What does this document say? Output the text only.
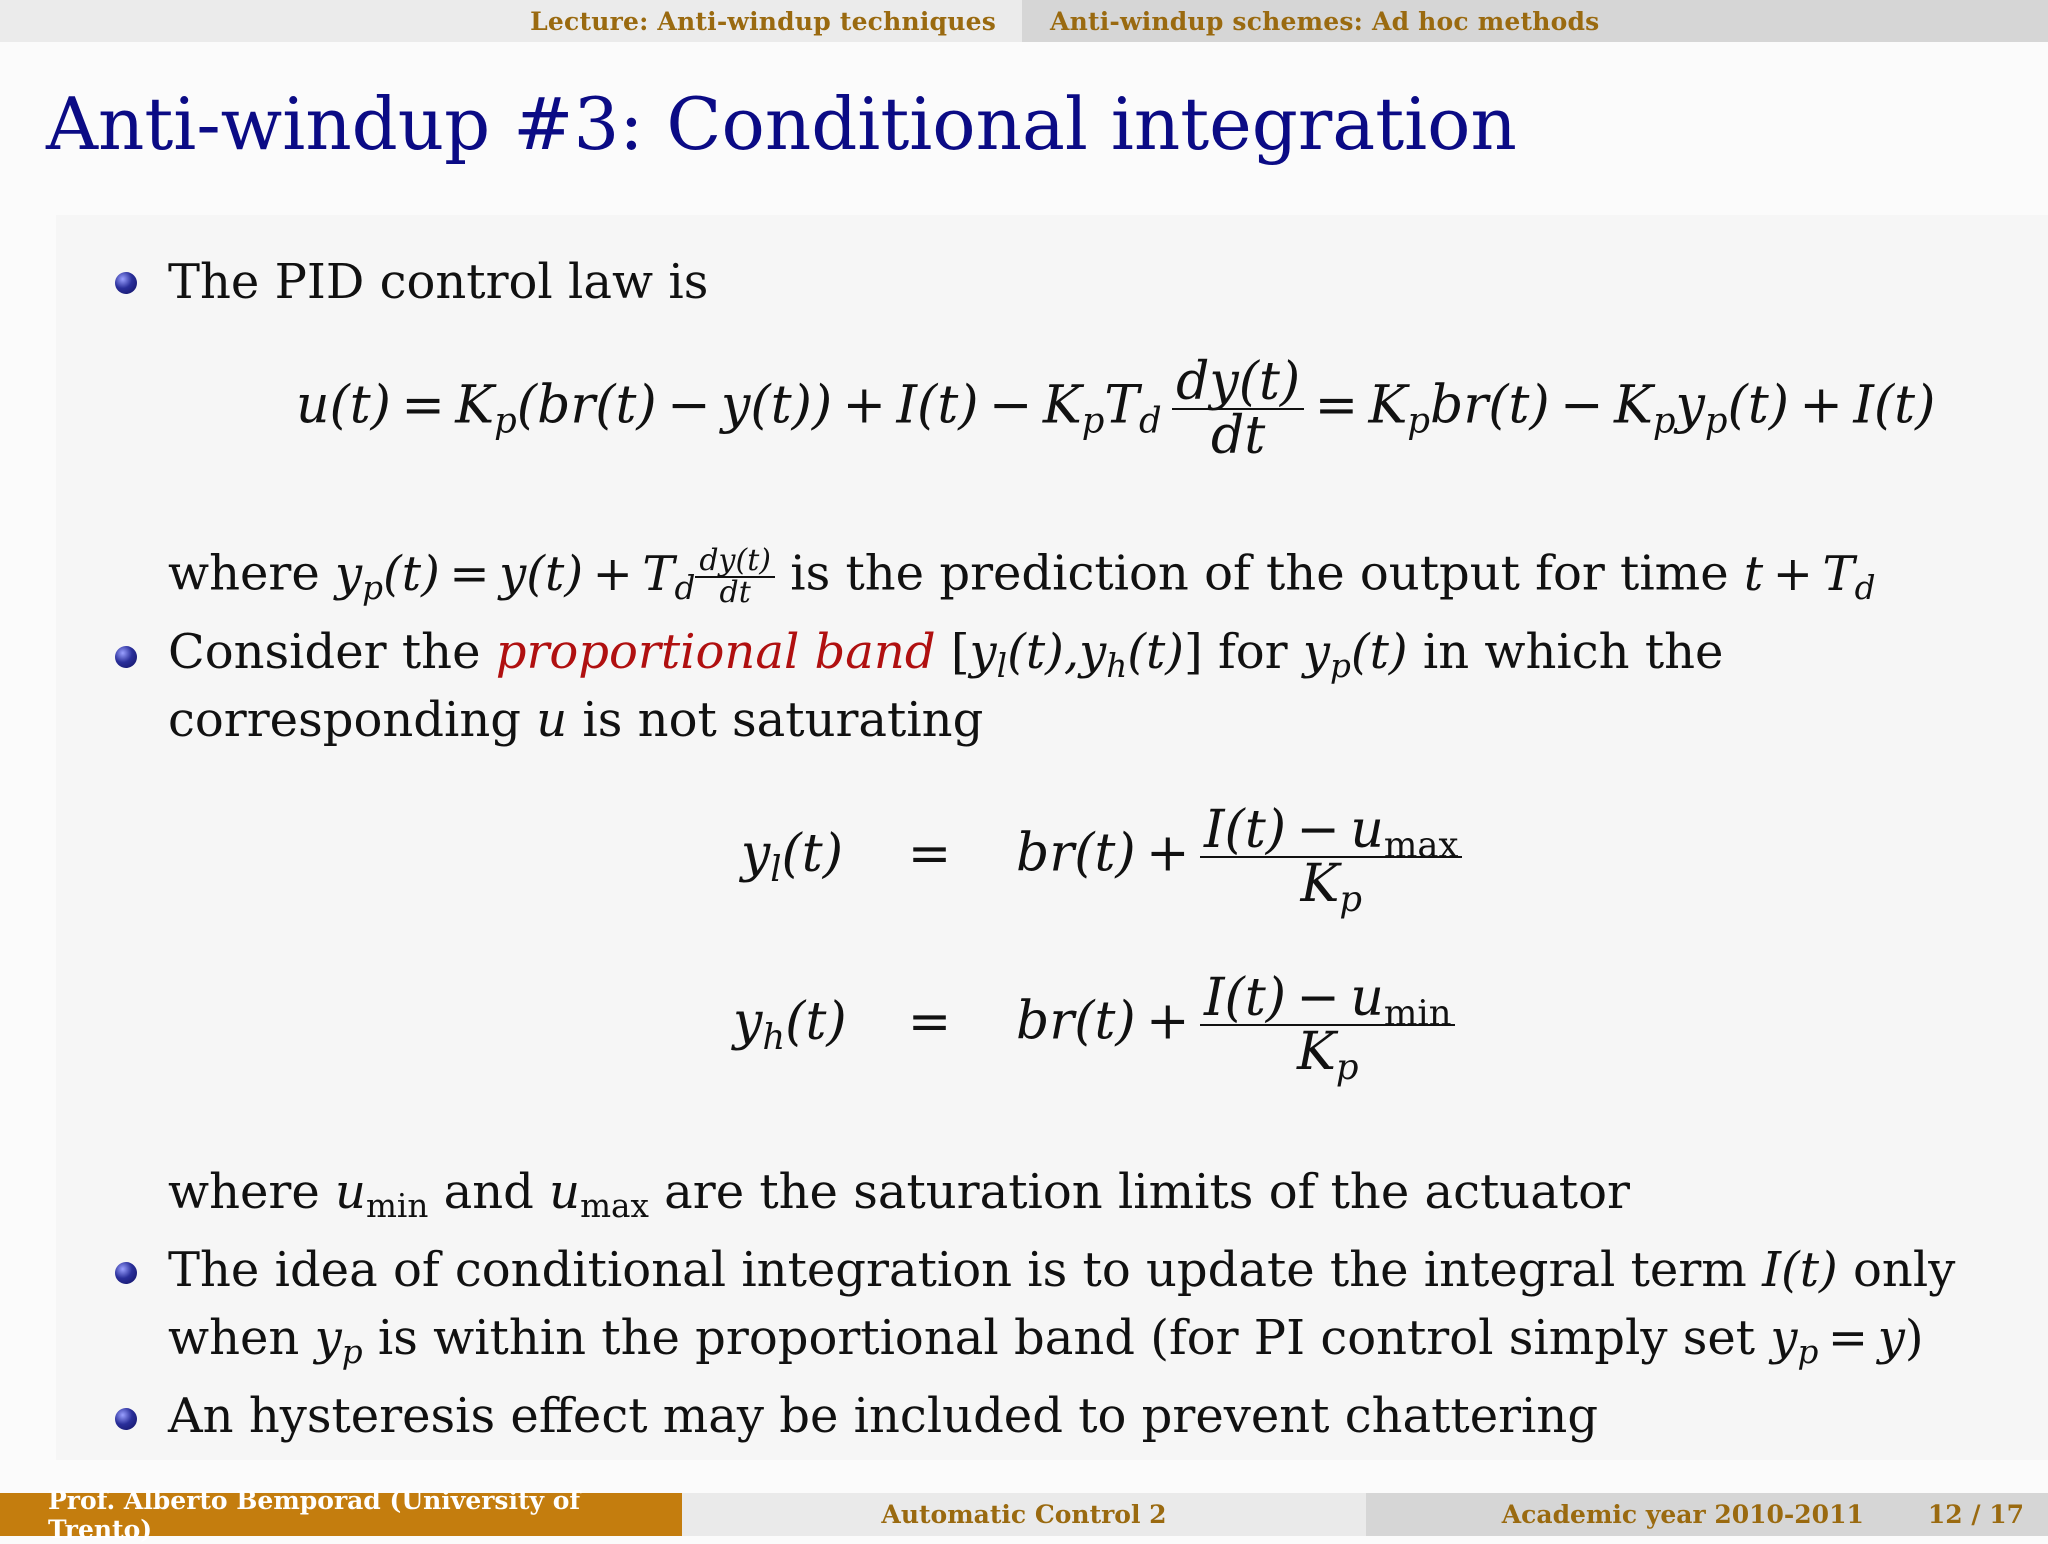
Lecture: Anti-windup techniques Anti-windup schemes: Ad hoc methods
Anti-windup #3: Conditional integration
The PID control law is
$u(t) = K_p(br(t) - y(t)) + I(t) - K_pT_d \frac{dy(t)}{dt} = K_pbr(t) - K_py_p(t) + I(t)$
where $y_p(t) = y(t) + T_d \frac{dy(t)}{dt}$ is the prediction of the output for time $t + T_d$
Consider the proportional band $[y_l(t),y_h(t)]$ for $y_p(t)$ in which the
corresponding u is not saturating
$y_l(t) = br(t) + \frac{I(t) - u_{max}}{K_p}$
$y_h(t) = br(t) + \frac{I(t) - u_{min}}{K_p}$
where $u_{min}$ and $u_{max}$ are the saturation limits of the actuator
The idea of conditional integration is to update the integral term I(t) only
when $y_p$ is within the proportional band (for PI control simply set $y_p = y$)
An hysteresis effect may be included to prevent chattering
Prof. Alberto Bemporad (University of Trento)	Automatic Control 2	Academic year 2010-2011	12 / 17
